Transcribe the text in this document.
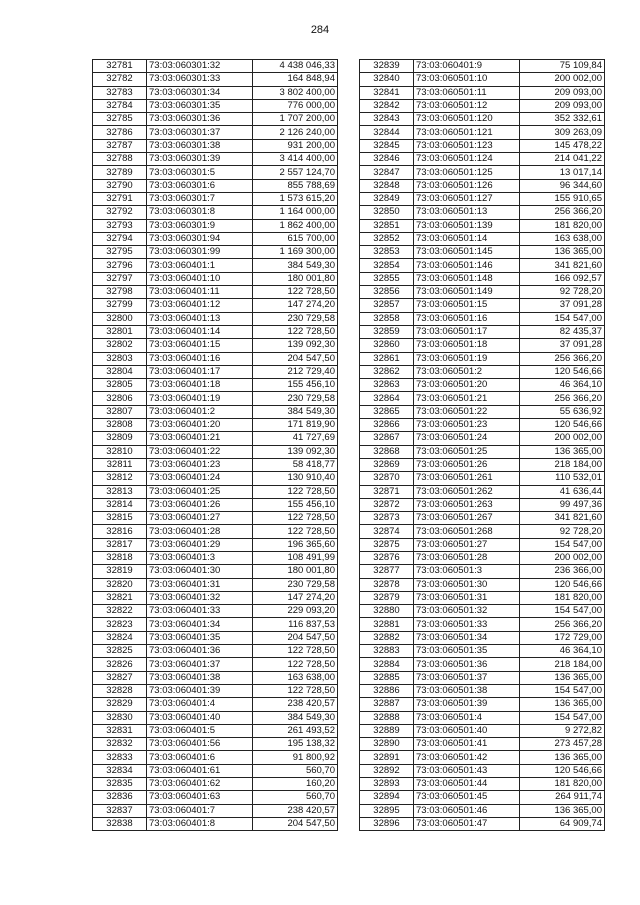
284
32781	73:03:060301:32	4 438 046,33
32782	73:03:060301:33	164 848,94
32783	73:03:060301:34	3 802 400,00
32784	73:03:060301:35	776 000,00
32785	73:03:060301:36	1 707 200,00
32786	73:03:060301:37	2 126 240,00
32787	73:03:060301:38	931 200,00
32788	73:03:060301:39	3 414 400,00
32789	73:03:060301:5	2 557 124,70
32790	73:03:060301:6	855 788,69
32791	73:03:060301:7	1 573 615,20
32792	73:03:060301:8	1 164 000,00
32793	73:03:060301:9	1 862 400,00
32794	73:03:060301:94	615 700,00
32795	73:03:060301:99	1 169 300,00
32796	73:03:060401:1	384 549,30
32797	73:03:060401:10	180 001,80
32798	73:03:060401:11	122 728,50
32799	73:03:060401:12	147 274,20
32800	73:03:060401:13	230 729,58
32801	73:03:060401:14	122 728,50
32802	73:03:060401:15	139 092,30
32803	73:03:060401:16	204 547,50
32804	73:03:060401:17	212 729,40
32805	73:03:060401:18	155 456,10
32806	73:03:060401:19	230 729,58
32807	73:03:060401:2	384 549,30
32808	73:03:060401:20	171 819,90
32809	73:03:060401:21	41 727,69
32810	73:03:060401:22	139 092,30
32811	73:03:060401:23	58 418,77
32812	73:03:060401:24	130 910,40
32813	73:03:060401:25	122 728,50
32814	73:03:060401:26	155 456,10
32815	73:03:060401:27	122 728,50
32816	73:03:060401:28	122 728,50
32817	73:03:060401:29	196 365,60
32818	73:03:060401:3	108 491,99
32819	73:03:060401:30	180 001,80
32820	73:03:060401:31	230 729,58
32821	73:03:060401:32	147 274,20
32822	73:03:060401:33	229 093,20
32823	73:03:060401:34	116 837,53
32824	73:03:060401:35	204 547,50
32825	73:03:060401:36	122 728,50
32826	73:03:060401:37	122 728,50
32827	73:03:060401:38	163 638,00
32828	73:03:060401:39	122 728,50
32829	73:03:060401:4	238 420,57
32830	73:03:060401:40	384 549,30
32831	73:03:060401:5	261 493,52
32832	73:03:060401:56	195 138,32
32833	73:03:060401:6	91 800,92
32834	73:03:060401:61	560,70
32835	73:03:060401:62	160,20
32836	73:03:060401:63	560,70
32837	73:03:060401:7	238 420,57
32838	73:03:060401:8	204 547,50
32839	73:03:060401:9	75 109,84
32840	73:03:060501:10	200 002,00
32841	73:03:060501:11	209 093,00
32842	73:03:060501:12	209 093,00
32843	73:03:060501:120	352 332,61
32844	73:03:060501:121	309 263,09
32845	73:03:060501:123	145 478,22
32846	73:03:060501:124	214 041,22
32847	73:03:060501:125	13 017,14
32848	73:03:060501:126	96 344,60
32849	73:03:060501:127	155 910,65
32850	73:03:060501:13	256 366,20
32851	73:03:060501:139	181 820,00
32852	73:03:060501:14	163 638,00
32853	73:03:060501:145	136 365,00
32854	73:03:060501:146	341 821,60
32855	73:03:060501:148	166 092,57
32856	73:03:060501:149	92 728,20
32857	73:03:060501:15	37 091,28
32858	73:03:060501:16	154 547,00
32859	73:03:060501:17	82 435,37
32860	73:03:060501:18	37 091,28
32861	73:03:060501:19	256 366,20
32862	73:03:060501:2	120 546,66
32863	73:03:060501:20	46 364,10
32864	73:03:060501:21	256 366,20
32865	73:03:060501:22	55 636,92
32866	73:03:060501:23	120 546,66
32867	73:03:060501:24	200 002,00
32868	73:03:060501:25	136 365,00
32869	73:03:060501:26	218 184,00
32870	73:03:060501:261	110 532,01
32871	73:03:060501:262	41 636,44
32872	73:03:060501:263	99 497,36
32873	73:03:060501:267	341 821,60
32874	73:03:060501:268	92 728,20
32875	73:03:060501:27	154 547,00
32876	73:03:060501:28	200 002,00
32877	73:03:060501:3	236 366,00
32878	73:03:060501:30	120 546,66
32879	73:03:060501:31	181 820,00
32880	73:03:060501:32	154 547,00
32881	73:03:060501:33	256 366,20
32882	73:03:060501:34	172 729,00
32883	73:03:060501:35	46 364,10
32884	73:03:060501:36	218 184,00
32885	73:03:060501:37	136 365,00
32886	73:03:060501:38	154 547,00
32887	73:03:060501:39	136 365,00
32888	73:03:060501:4	154 547,00
32889	73:03:060501:40	9 272,82
32890	73:03:060501:41	273 457,28
32891	73:03:060501:42	136 365,00
32892	73:03:060501:43	120 546,66
32893	73:03:060501:44	181 820,00
32894	73:03:060501:45	264 911,74
32895	73:03:060501:46	136 365,00
32896	73:03:060501:47	64 909,74
